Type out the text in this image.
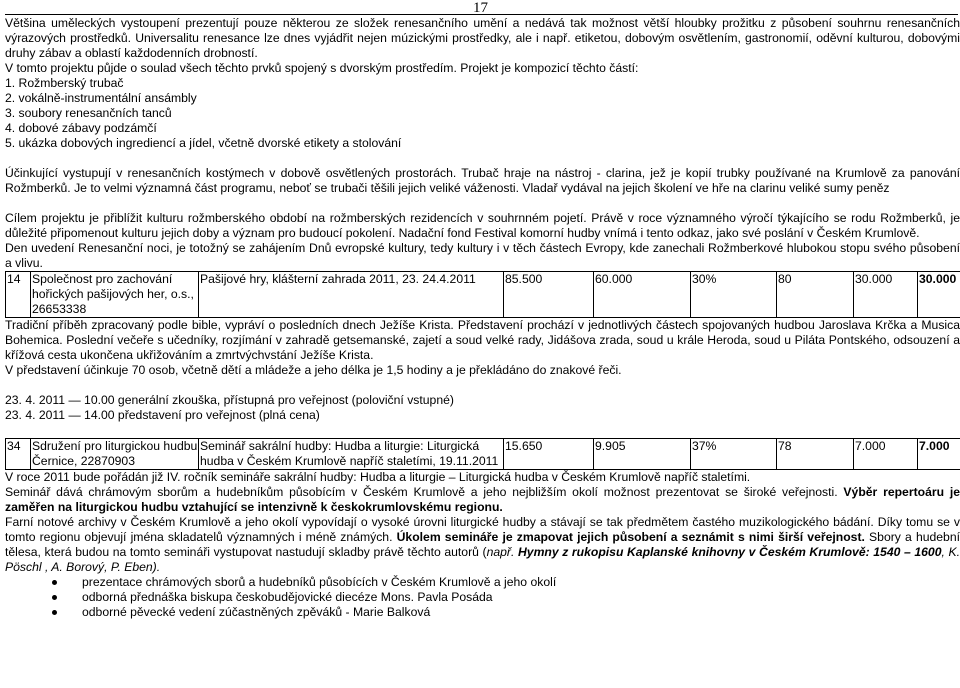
17

Většina uměleckých vystoupení prezentují pouze některou ze složek renesančního umění a nedává tak možnost větší hloubky prožitku z působení souhrnu renesančních výrazových prostředků. Universalitu renesance lze dnes vyjádřit nejen múzickými prostředky, ale i např. etiketou, dobovým osvětlením, gastronomií, oděvní kulturou, dobovými druhy zábav a oblastí každodenních drobností.

V tomto projektu půjde o soulad všech těchto prvků spojený s dvorským prostředím. Projekt je kompozicí těchto částí:

1. Rožmberský trubač

2. vokálně-instrumentální ansámbly

3. soubory renesančních tanců

4. dobové zábavy podzámčí

5. ukázka dobových ingrediencí a jídel, včetně dvorské etikety a stolování

Účinkující vystupují v renesančních kostýmech v dobově osvětlených prostorách. Trubač hraje na nástroj - clarina, jež je kopií trubky používané na Krumlově za panování Rožmberků. Je to velmi významná část programu, neboť se trubači těšili jejich veliké váženosti. Vladař vydával na jejich školení ve hře na clarinu veliké sumy peněz

Cílem projektu je přiblížit kulturu rožmberského období na rožmberských rezidencích v souhrnném pojetí. Právě v roce významného výročí týkajícího se rodu Rožmberků, je důležité připomenout kulturu jejich doby a význam pro budoucí pokolení. Nadační fond Festival komorní hudby vnímá i tento odkaz, jako své poslání v Českém Krumlově.

Den uvedení Renesanční noci, je totožný se zahájením Dnů evropské kultury, tedy kultury i v těch částech Evropy, kde zanechali Rožmberkové hlubokou stopu svého působení a vlivu.

14	Společnost pro zachování hořických pašijových her, o.s., 26653338	Pašijové hry, klášterní zahrada 2011, 23. 24.4.2011	85.500	60.000	30%	80	30.000	30.000

Tradiční příběh zpracovaný podle bible, vypráví o posledních dnech Ježíše Krista. Představení prochází v jednotlivých částech spojovaných hudbou Jaroslava Krčka a Musica Bohemica. Poslední večeře s učedníky, rozjímání v zahradě getsemanské, zajetí a soud velké rady, Jidášova zrada, soud u krále Heroda, soud u Piláta Pontského, odsouzení a křížová cesta ukončena ukřižováním a zmrtvýchvstání Ježíše Krista.

V představení účinkuje 70 osob, včetně dětí a mládeže a jeho délka je 1,5 hodiny a je překládáno do znakové řeči.

23. 4. 2011 — 10.00 generální zkouška, přístupná pro veřejnost (poloviční vstupné)

23. 4. 2011 — 14.00 představení pro veřejnost (plná cena)

34	Sdružení pro liturgickou hudbu Černice, 22870903	Seminář sakrální hudby: Hudba a liturgie: Liturgická hudba v Českém Krumlově napříč staletími, 19.11.2011	15.650	9.905	37%	78	7.000	7.000

V roce 2011 bude pořádán již IV. ročník semináře sakrální hudby: Hudba a liturgie – Liturgická hudba v Českém Krumlově napříč staletími.

Seminář dává chrámovým sborům a hudebníkům působícím v Českém Krumlově a jeho nejbližším okolí možnost prezentovat se široké veřejnosti. Výběr repertoáru je zaměřen na liturgickou hudbu vztahující se intenzivně k českokrumlovskému regionu.

Farní notové archivy v Českém Krumlově a jeho okolí vypovídají o vysoké úrovni liturgické hudby a stávají se tak předmětem častého muzikologického bádání. Díky tomu se v tomto regionu objevují jména skladatelů významných i méně známých. Úkolem semináře je zmapovat jejich působení a seznámit s nimi širší veřejnost. Sbory a hudební tělesa, která budou na tomto semináři vystupovat nastudují skladby právě těchto autorů (např. Hymny z rukopisu Kaplanské knihovny v Českém Krumlově: 1540 – 1600, K. Pöschl , A. Borový, P. Eben).

prezentace chrámových sborů a hudebníků působících v Českém Krumlově a jeho okolí
odborná přednáška biskupa českobudějovické diecéze Mons. Pavla Posáda
odborné pěvecké vedení zúčastněných zpěváků - Marie Balková
